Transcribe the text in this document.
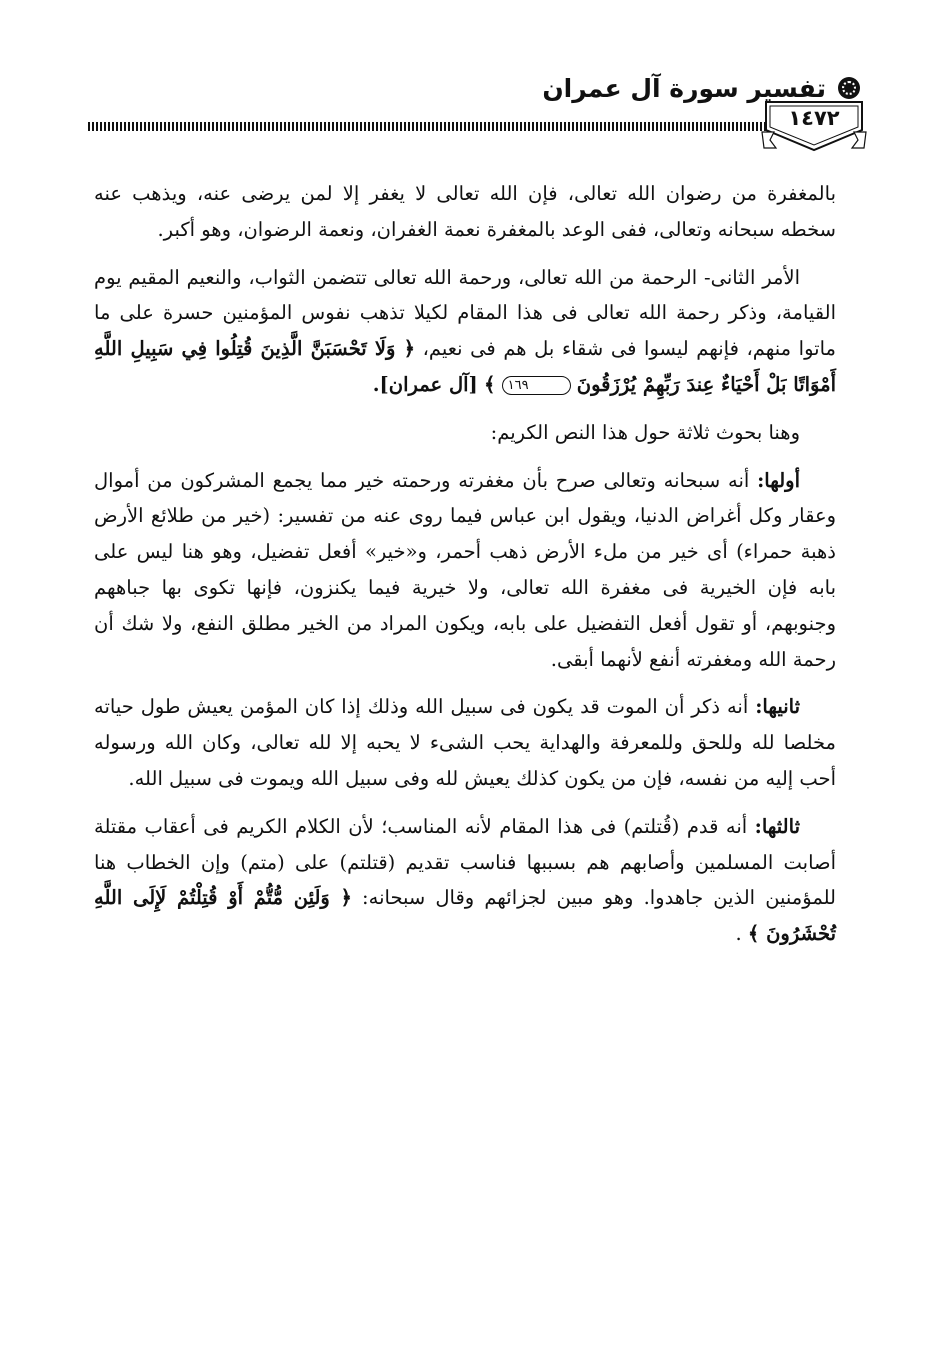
تفسير سورة آل عمران
١٤٧٢

بالمغفرة من رضوان الله تعالى، فإن الله تعالى لا يغفر إلا لمن يرضى عنه، ويذهب عنه سخطه سبحانه وتعالى، ففى الوعد بالمغفرة نعمة الغفران، ونعمة الرضوان، وهو أكبر.

الأمر الثانى- الرحمة من الله تعالى، ورحمة الله تعالى تتضمن الثواب، والنعيم المقيم يوم القيامة، وذكر رحمة الله تعالى فى هذا المقام لكيلا تذهب نفوس المؤمنين حسرة على ما ماتوا منهم، فإنهم ليسوا فى شقاء بل هم فى نعيم، ﴿ وَلَا تَحْسَبَنَّ الَّذِينَ قُتِلُوا فِي سَبِيلِ اللَّهِ أَمْوَاتًا بَلْ أَحْيَاءٌ عِندَ رَبِّهِمْ يُرْزَقُونَ ١٦٩ ﴾ [آل عمران].

وهنا بحوث ثلاثة حول هذا النص الكريم:

أولها: أنه سبحانه وتعالى صرح بأن مغفرته ورحمته خير مما يجمع المشركون من أموال وعقار وكل أغراض الدنيا، ويقول ابن عباس فيما روى عنه من تفسير: (خير من طلائع الأرض ذهبة حمراء) أى خير من ملء الأرض ذهب أحمر، و«خير» أفعل تفضيل، وهو هنا ليس على بابه فإن الخيرية فى مغفرة الله تعالى، ولا خيرية فيما يكنزون، فإنها تكوى بها جباههم وجنوبهم، أو تقول أفعل التفضيل على بابه، ويكون المراد من الخير مطلق النفع، ولا شك أن رحمة الله ومغفرته أنفع لأنهما أبقى.

ثانيها: أنه ذكر أن الموت قد يكون فى سبيل الله وذلك إذا كان المؤمن يعيش طول حياته مخلصا لله وللحق وللمعرفة والهداية يحب الشىء لا يحبه إلا لله تعالى، وكان الله ورسوله أحب إليه من نفسه، فإن من يكون كذلك يعيش لله وفى سبيل الله ويموت فى سبيل الله.

ثالثها: أنه قدم (قُتلتم) فى هذا المقام لأنه المناسب؛ لأن الكلام الكريم فى أعقاب مقتلة أصابت المسلمين وأصابهم هم بسببها فناسب تقديم (قتلتم) على (متم) وإن الخطاب هنا للمؤمنين الذين جاهدوا. وهو مبين لجزائهم وقال سبحانه: ﴿ وَلَئِن مُّتُّمْ أَوْ قُتِلْتُمْ لَإِلَى اللَّهِ تُحْشَرُونَ ﴾ .
